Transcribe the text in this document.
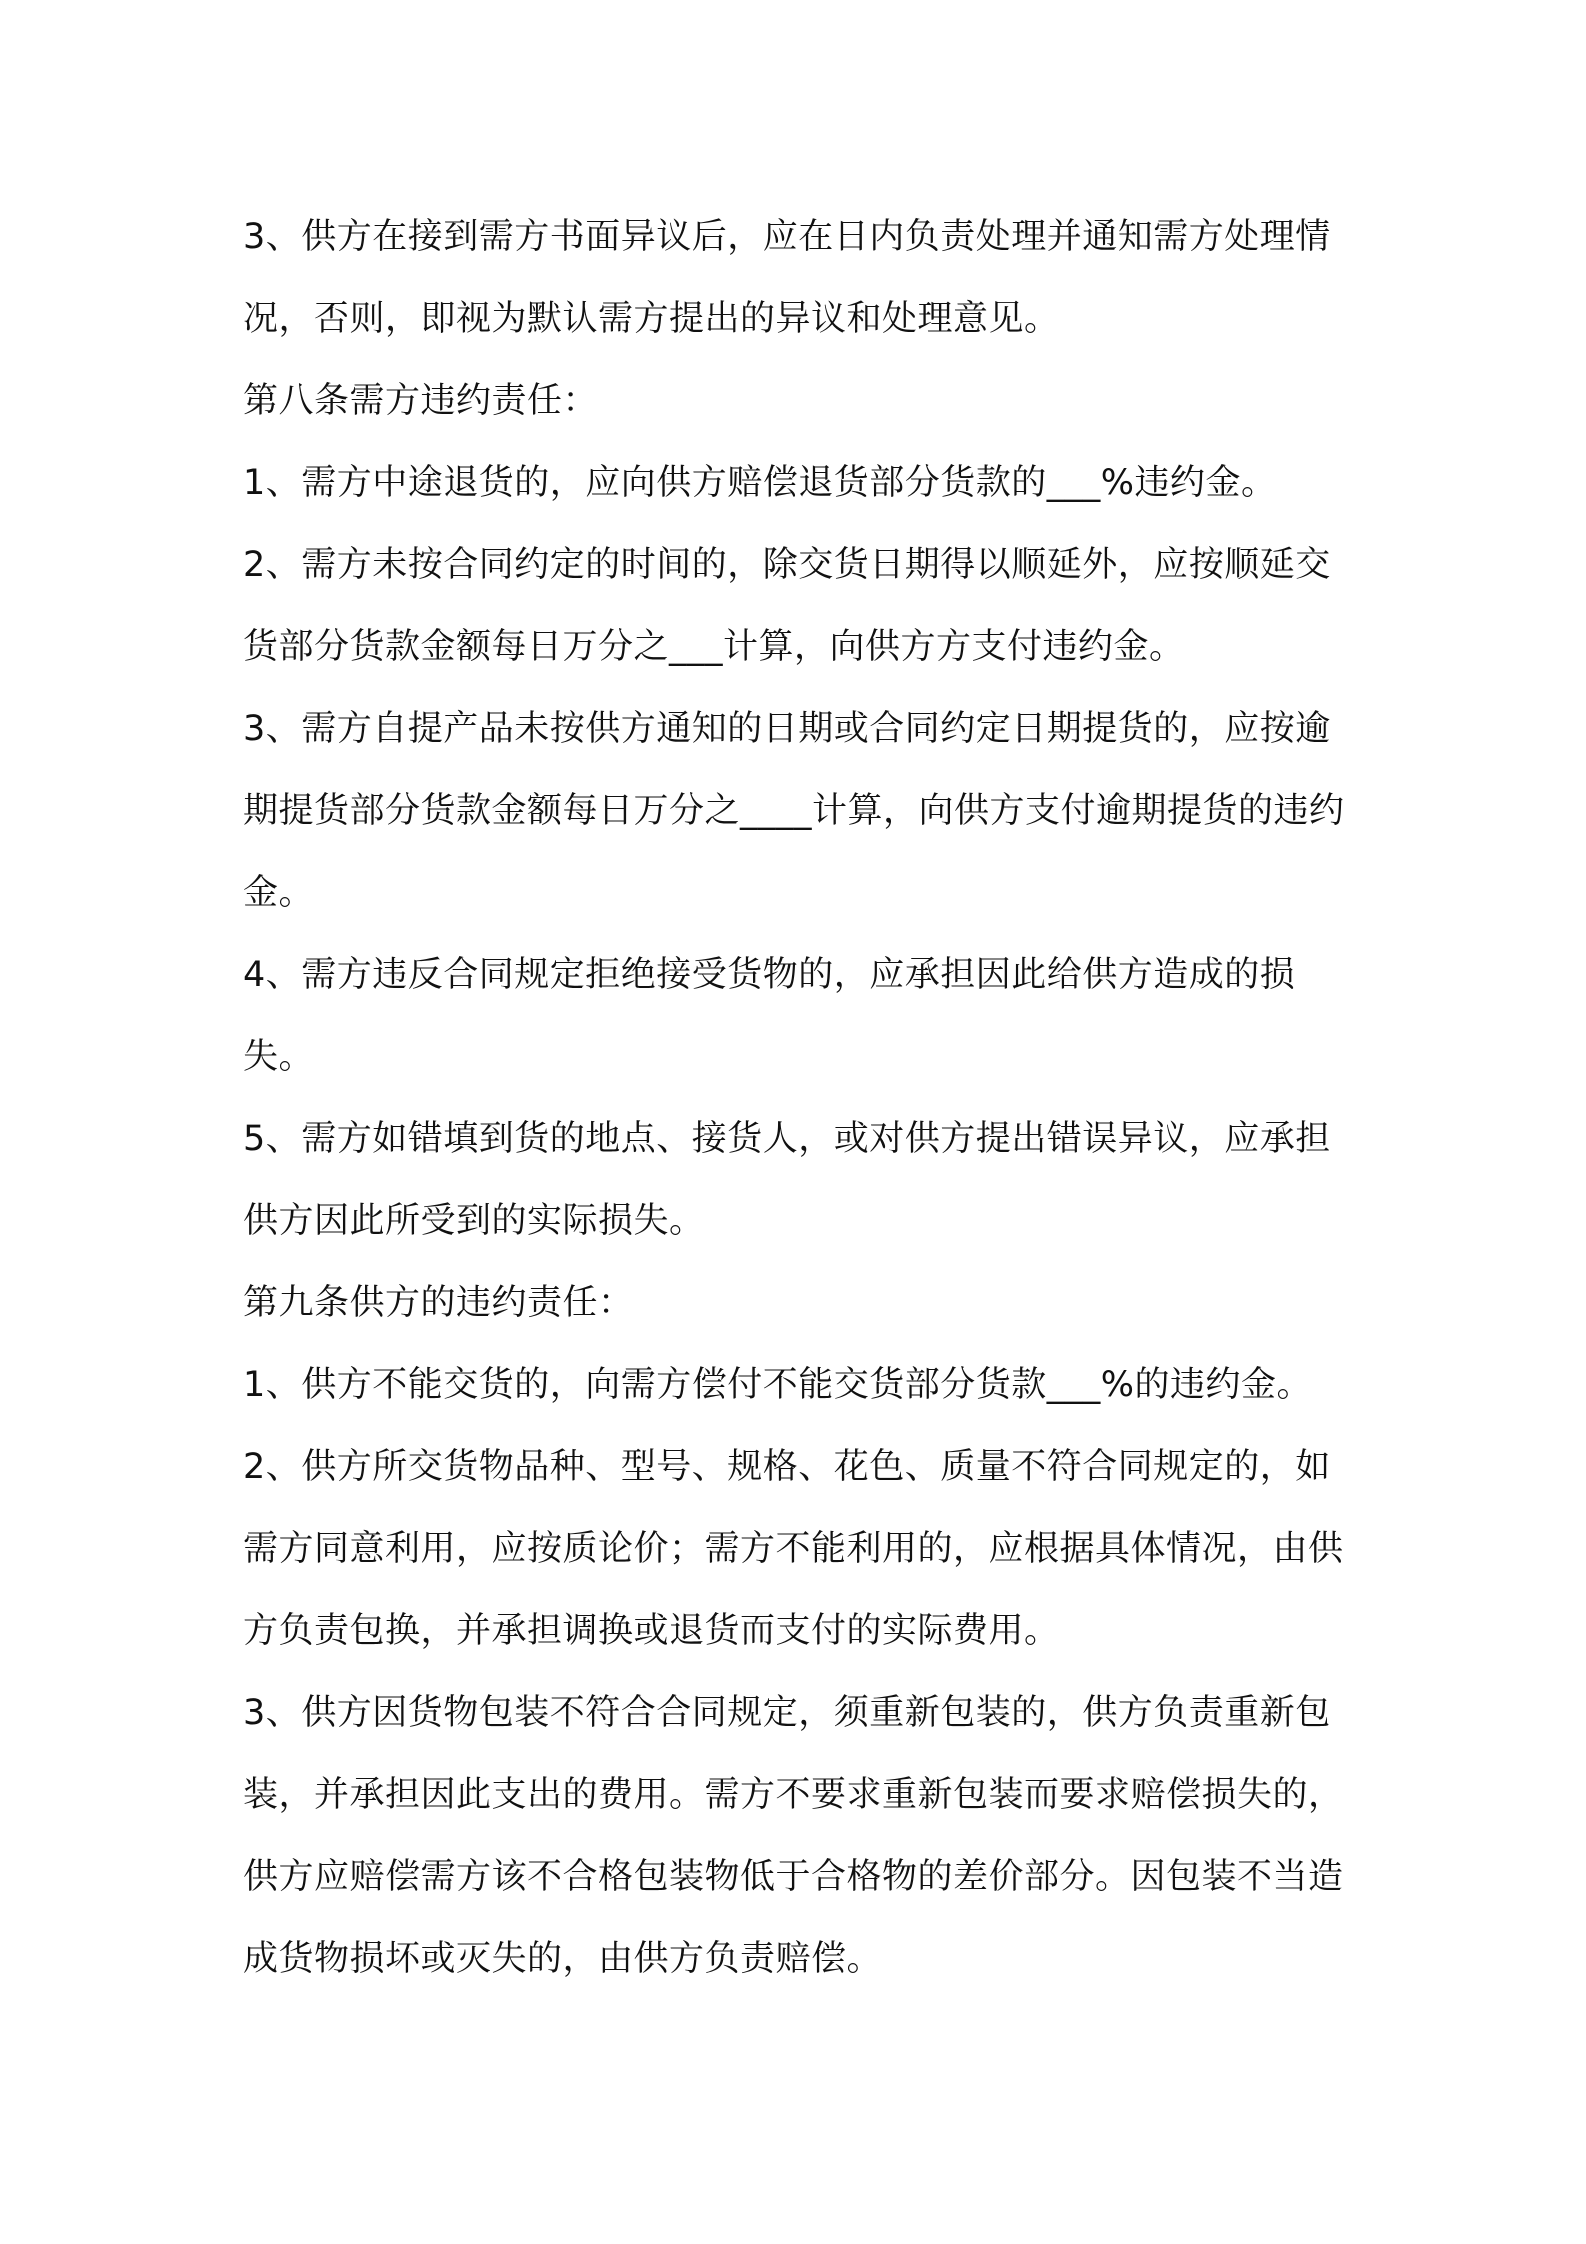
3、供方在接到需方书面异议后，应在日内负责处理并通知需方处理情况，否则，即视为默认需方提出的异议和处理意见。

第八条需方违约责任：

1、需方中途退货的，应向供方赔偿退货部分货款的___%违约金。

2、需方未按合同约定的时间的，除交货日期得以顺延外，应按顺延交货部分货款金额每日万分之___计算，向供方方支付违约金。

3、需方自提产品未按供方通知的日期或合同约定日期提货的，应按逾期提货部分货款金额每日万分之____计算，向供方支付逾期提货的违约金。

4、需方违反合同规定拒绝接受货物的，应承担因此给供方造成的损失。

5、需方如错填到货的地点、接货人，或对供方提出错误异议，应承担供方因此所受到的实际损失。

第九条供方的违约责任：

1、供方不能交货的，向需方偿付不能交货部分货款___%的违约金。

2、供方所交货物品种、型号、规格、花色、质量不符合同规定的，如需方同意利用，应按质论价；需方不能利用的，应根据具体情况，由供方负责包换，并承担调换或退货而支付的实际费用。

3、供方因货物包装不符合合同规定，须重新包装的，供方负责重新包装，并承担因此支出的费用。需方不要求重新包装而要求赔偿损失的，供方应赔偿需方该不合格包装物低于合格物的差价部分。因包装不当造成货物损坏或灭失的，由供方负责赔偿。
